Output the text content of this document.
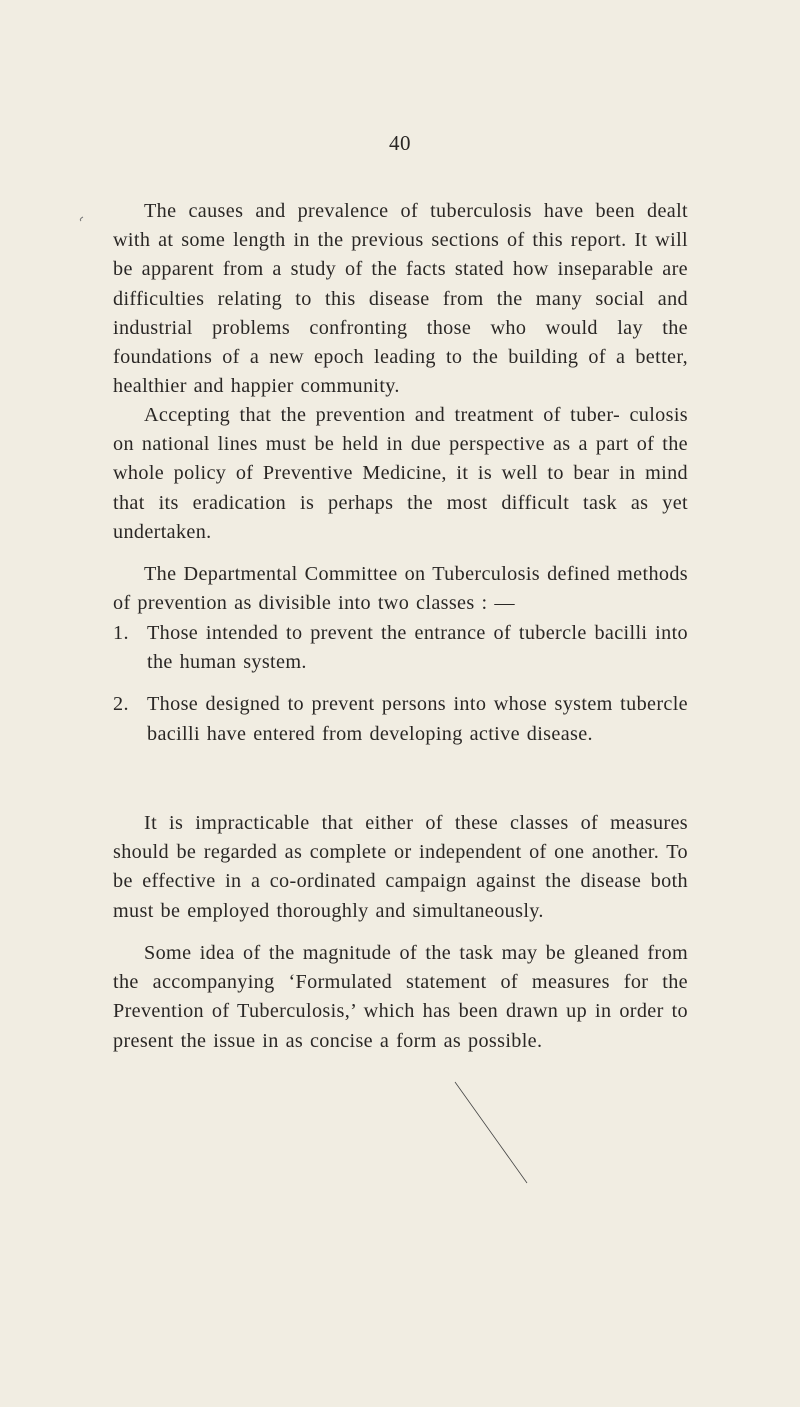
40

The causes and prevalence of tuberculosis have been dealt with at some length in the previous sections of this report. It will be apparent from a study of the facts stated how inseparable are difficulties relating to this disease from the many social and industrial problems confronting those who would lay the foundations of a new epoch leading to the building of a better, healthier and happier community.

Accepting that the prevention and treatment of tuber- culosis on national lines must be held in due perspective as a part of the whole policy of Preventive Medicine, it is well to bear in mind that its eradication is perhaps the most difficult task as yet undertaken.

The Departmental Committee on Tuberculosis defined methods of prevention as divisible into two classes : —

1. Those intended to prevent the entrance of tubercle bacilli into the human system.
2. Those designed to prevent persons into whose system tubercle bacilli have entered from developing active disease.

It is impracticable that either of these classes of measures should be regarded as complete or independent of one another. To be effective in a co-ordinated campaign against the disease both must be employed thoroughly and simultaneously.

Some idea of the magnitude of the task may be gleaned from the accompanying ‘Formulated statement of measures for the Prevention of Tuberculosis,’ which has been drawn up in order to present the issue in as concise a form as possible.
